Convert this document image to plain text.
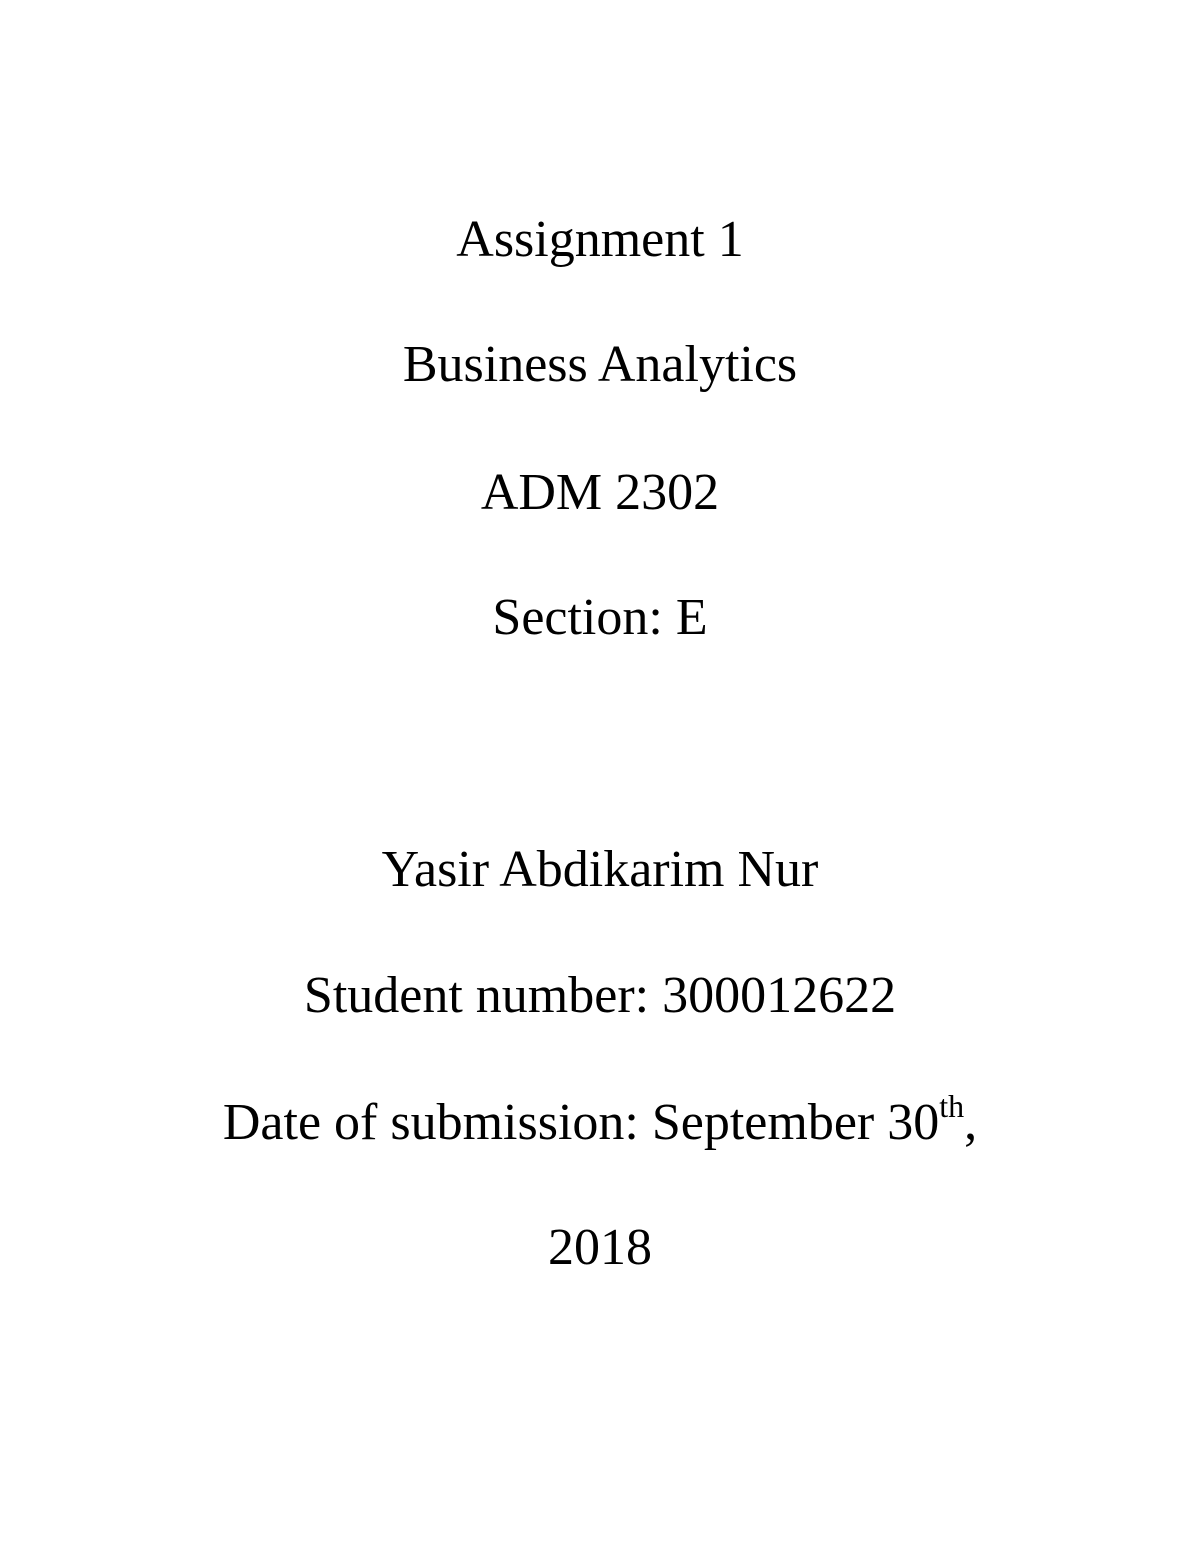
Assignment 1
Business Analytics
ADM 2302
Section: E
Yasir Abdikarim Nur
Student number: 300012622
Date of submission: September 30th,
2018
